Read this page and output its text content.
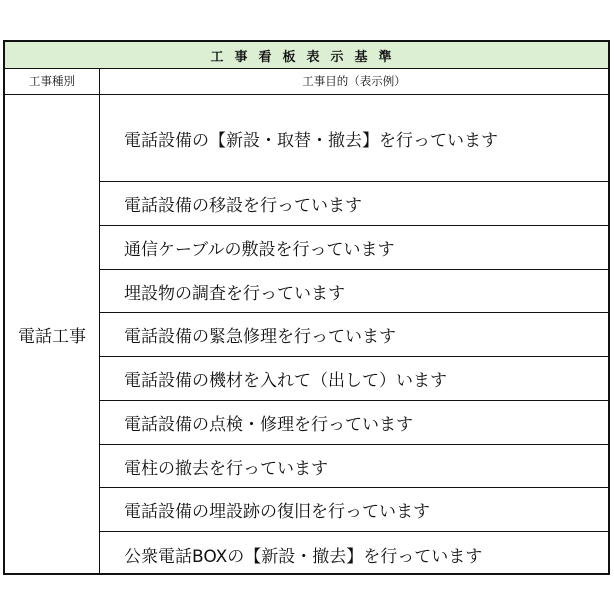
工事看板表示基準
工事種別	工事目的（表示例）
電話工事
電話設備の【新設・取替・撤去】を行っています
電話設備の移設を行っています
通信ケーブルの敷設を行っています
埋設物の調査を行っています
電話設備の緊急修理を行っています
電話設備の機材を入れて（出して）います
電話設備の点検・修理を行っています
電柱の撤去を行っています
電話設備の埋設跡の復旧を行っています
公衆電話BOXの【新設・撤去】を行っています
